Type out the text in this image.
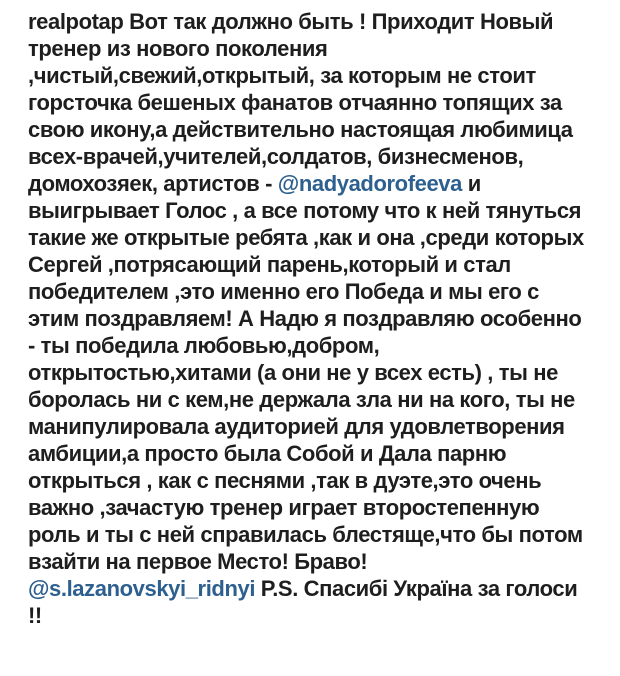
realpotap Вот так должно быть ! Приходит Новый тренер из нового поколения ,чистый,свежий,открытый, за которым не стоит горсточка бешеных фанатов отчаянно топящих за свою икону,а действительно настоящая любимица всех-врачей,учителей,солдатов, бизнесменов, домохозяек, артистов - @nadyadorofeeva и выигрывает Голос , а все потому что к ней тянуться такие же открытые ребята ,как и она ,среди которых Сергей ,потрясающий парень,который и стал победителем ,это именно его Победа и мы его с этим поздравляем! А Надю я поздравляю особенно - ты победила любовью,добром, открытостью,хитами (а они не у всех есть) , ты не боролась ни с кем,не держала зла ни на кого, ты не манипулировала аудиторией для удовлетворения амбиции,а просто была Собой и Дала парню открыться , как с песнями ,так в дуэте,это очень важно ,зачастую тренер играет второстепенную роль и ты с ней справилась блестяще,что бы потом взайти на первое Место! Браво! @s.lazanovskyi_ridnyi P.S. Спасибі Україна за голоси !!
